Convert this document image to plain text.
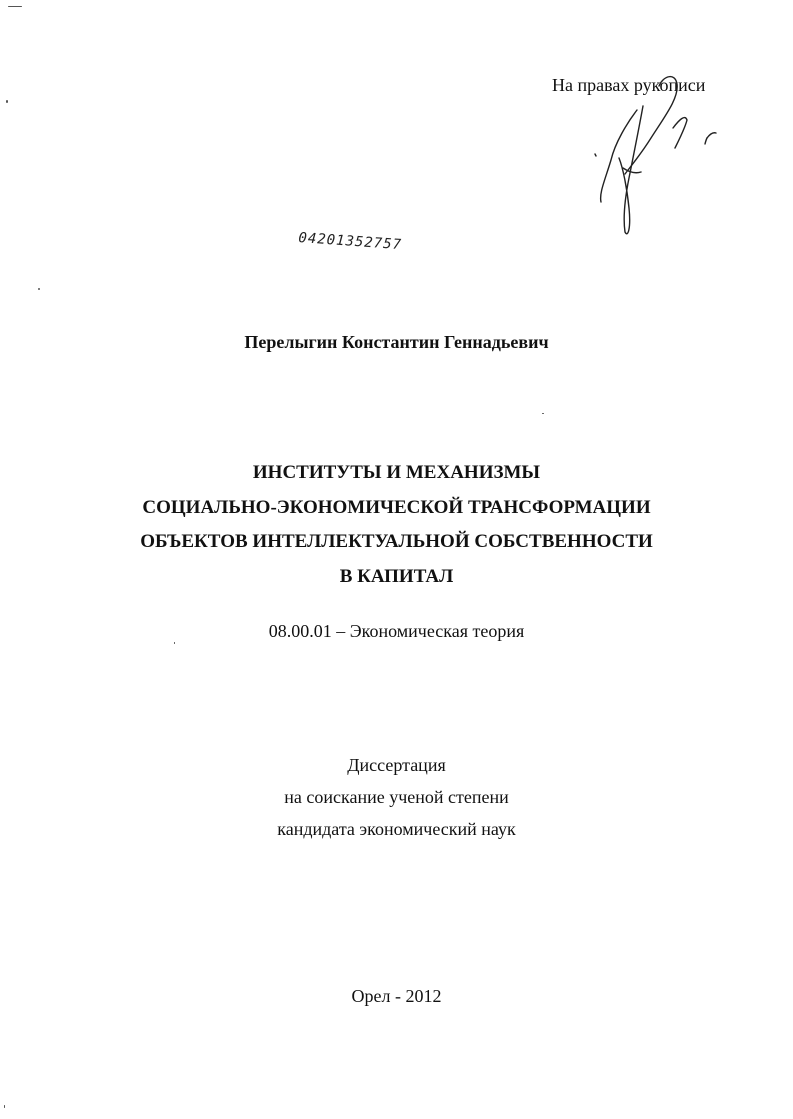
На правах рукописи
04201352757
Перелыгин Константин Геннадьевич
ИНСТИТУТЫ И МЕХАНИЗМЫ
СОЦИАЛЬНО-ЭКОНОМИЧЕСКОЙ ТРАНСФОРМАЦИИ
ОБЪЕКТОВ ИНТЕЛЛЕКТУАЛЬНОЙ СОБСТВЕННОСТИ
В КАПИТАЛ
08.00.01 – Экономическая теория
Диссертация
на соискание ученой степени
кандидата экономический наук
Орел - 2012
